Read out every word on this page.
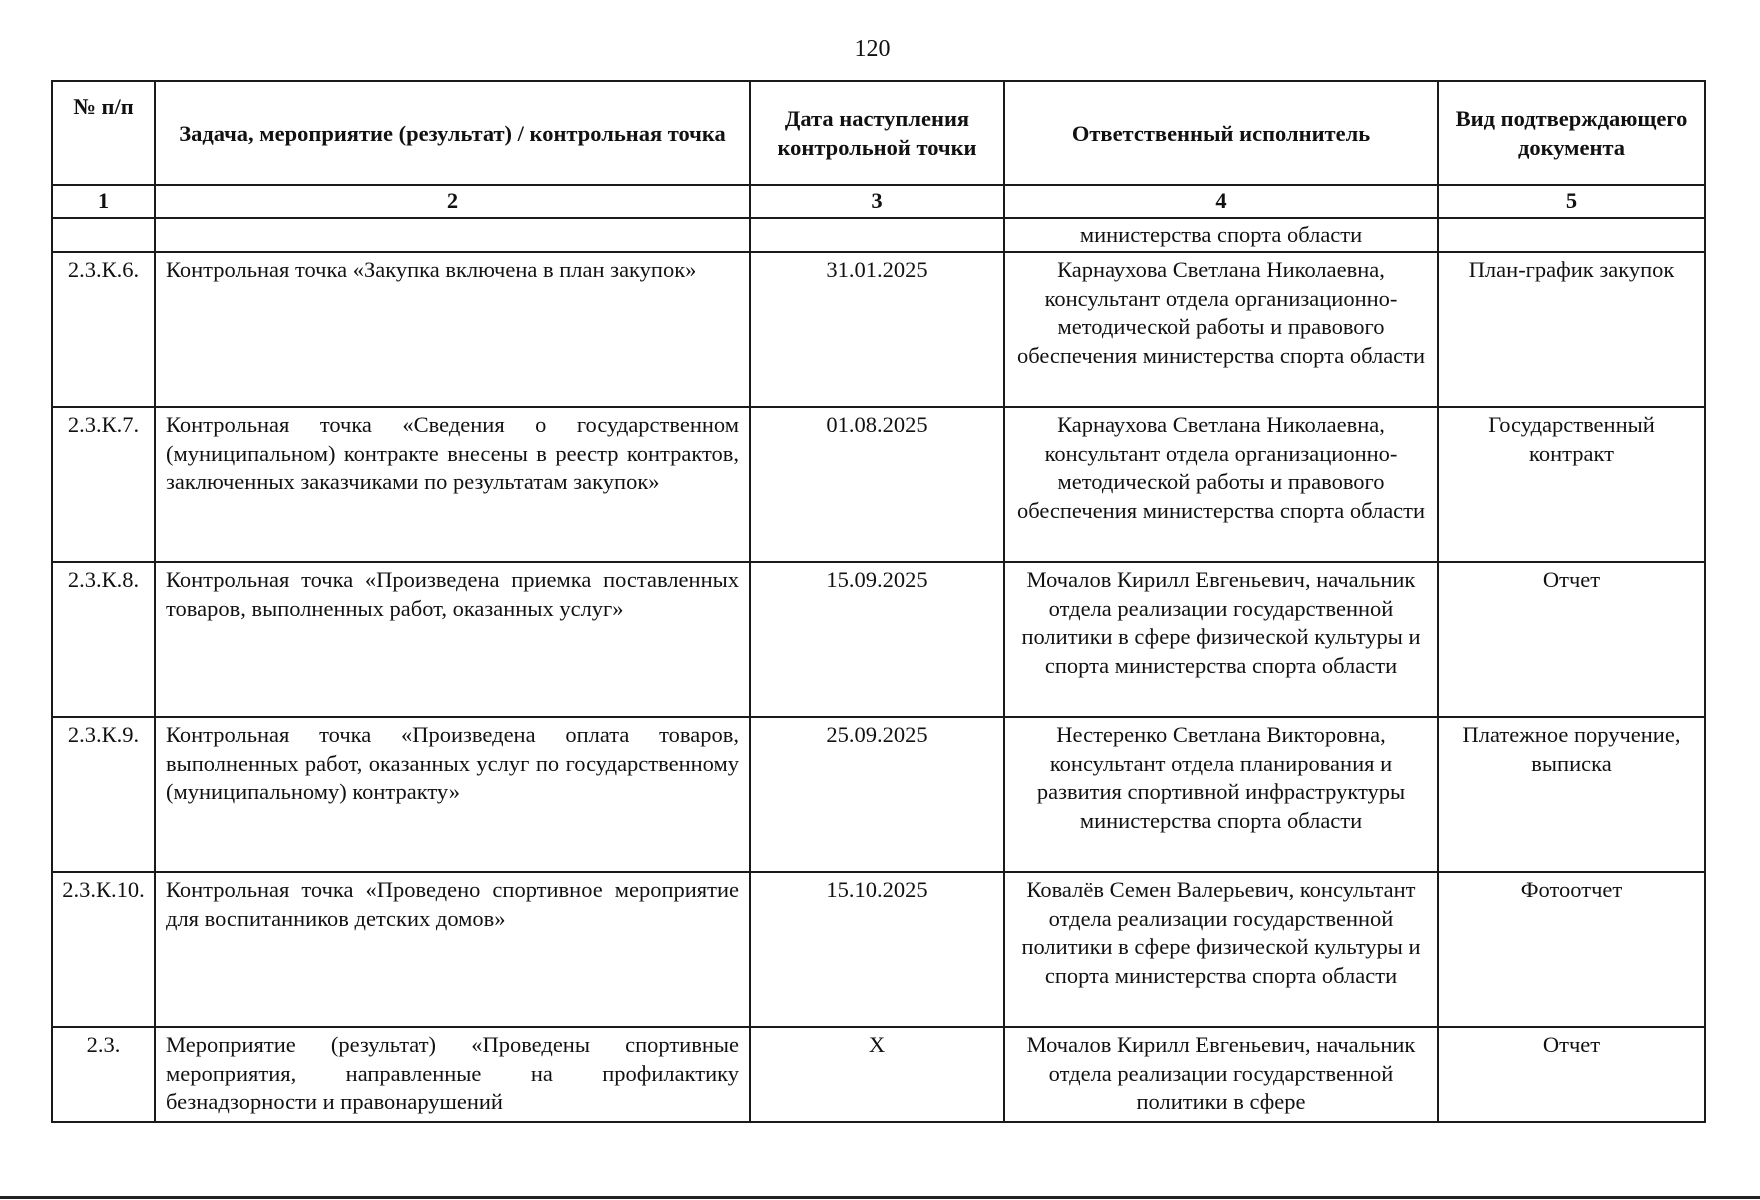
120
№ п/п	Задача, мероприятие (результат) / контрольная точка	Дата наступления контрольной точки	Ответственный исполнитель	Вид подтверждающего документа
1	2	3	4	5
			министерства спорта области	
2.3.К.6.	Контрольная точка «Закупка включена в план закупок»	31.01.2025	Карнаухова Светлана Николаевна, консультант отдела организационно-методической работы и правового обеспечения министерства спорта области	План-график закупок
2.3.К.7.	Контрольная точка «Сведения о государственном (муниципальном) контракте внесены в реестр контрактов, заключенных заказчиками по результатам закупок»	01.08.2025	Карнаухова Светлана Николаевна, консультант отдела организационно-методической работы и правового обеспечения министерства спорта области	Государственный контракт
2.3.К.8.	Контрольная точка «Произведена приемка поставленных товаров, выполненных работ, оказанных услуг»	15.09.2025	Мочалов Кирилл Евгеньевич, начальник отдела реализации государственной политики в сфере физической культуры и спорта министерства спорта области	Отчет
2.3.К.9.	Контрольная точка «Произведена оплата товаров, выполненных работ, оказанных услуг по государственному (муниципальному) контракту»	25.09.2025	Нестеренко Светлана Викторовна, консультант отдела планирования и развития спортивной инфраструктуры министерства спорта области	Платежное поручение, выписка
2.3.К.10.	Контрольная точка «Проведено спортивное мероприятие для воспитанников детских домов»	15.10.2025	Ковалёв Семен Валерьевич, консультант отдела реализации государственной политики в сфере физической культуры и спорта министерства спорта области	Фотоотчет
2.3.	Мероприятие (результат) «Проведены спортивные мероприятия, направленные на профилактику безнадзорности и правонарушений	Х	Мочалов Кирилл Евгеньевич, начальник отдела реализации государственной политики в сфере	Отчет
